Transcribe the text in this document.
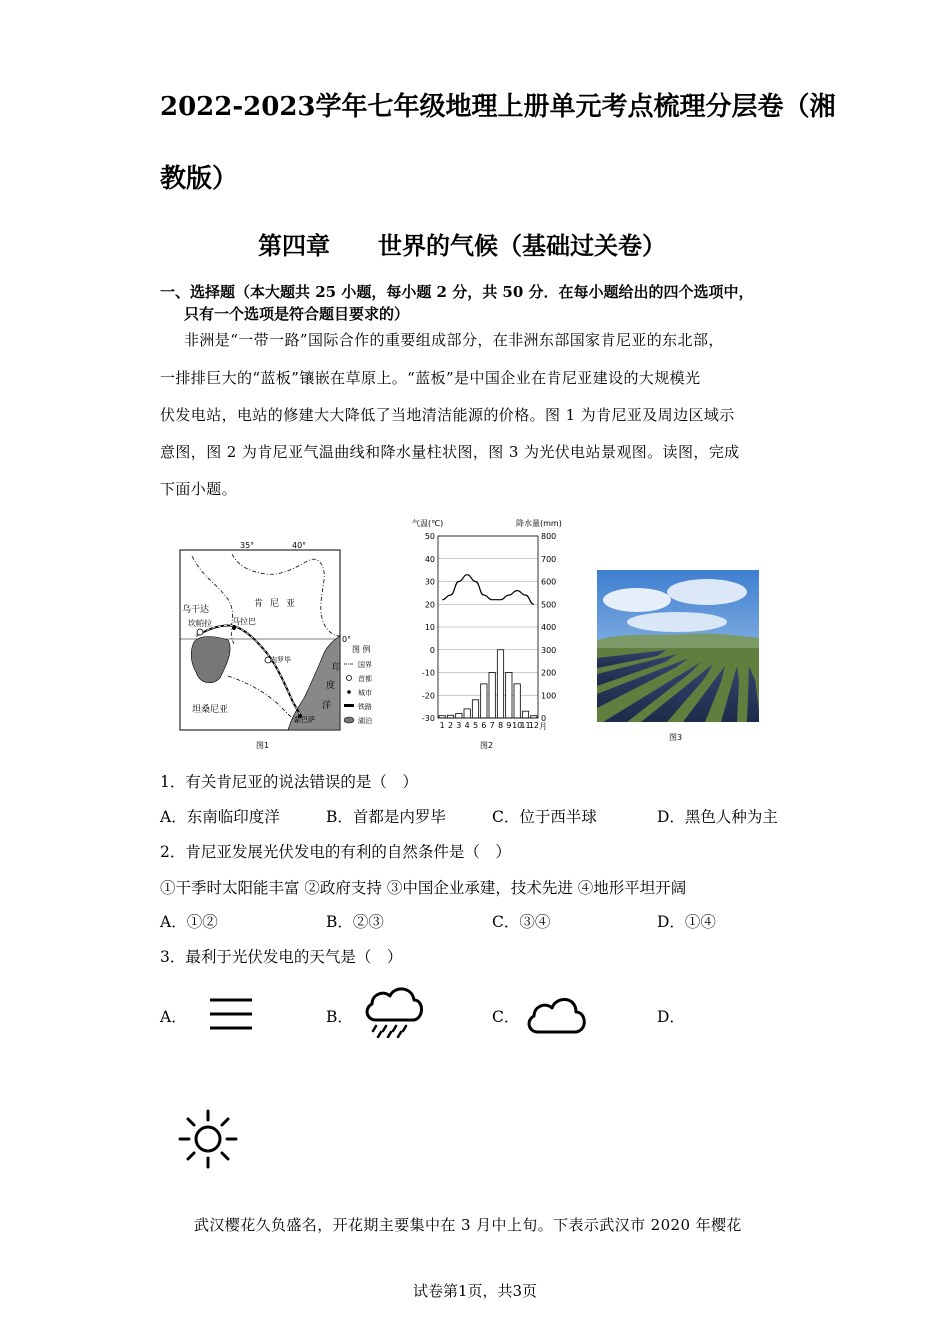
2022-2023学年七年级地理上册单元考点梳理分层卷（湘
教版）
第四章　　世界的气候（基础过关卷）
一、选择题（本大题共 25 小题，每小题 2 分，共 50 分．在每小题给出的四个选项中，
只有一个选项是符合题目要求的）
非洲是“一带一路”国际合作的重要组成部分，在非洲东部国家肯尼亚的东北部，
一排排巨大的“蓝板”镶嵌在草原上。“蓝板”是中国企业在肯尼亚建设的大规模光
伏发电站，电站的修建大大降低了当地清洁能源的价格。图 1 为肯尼亚及周边区域示
意图，图 2 为肯尼亚气温曲线和降水量柱状图，图 3 为光伏电站景观图。读图，完成
下面小题。
35°	40°
0°
乌干达
坎帕拉	马拉巴
肯 尼 亚
内罗毕
坦桑尼亚
印
度
洋
蒙巴萨
图 例
国界
首都
城市
铁路
湖泊
图1
气温(℃)	降水量(mm)
50
40
30
20
10
0
-10
-20
-30
800
700
600
500
400
300
200
100
0
1 2 3 4 5 6 7 8 9 10
11
12 月
图2
图3
1．有关肯尼亚的说法错误的是（　）
A．东南临印度洋	B．首都是内罗毕	C．位于西半球	D．黑色人种为主
2．肯尼亚发展光伏发电的有利的自然条件是（　）
①干季时太阳能丰富 ②政府支持 ③中国企业承建，技术先进 ④地形平坦开阔
A．①②	B．②③	C．③④	D．①④
3．最利于光伏发电的天气是（　）
A．	B．	C．	D．
武汉樱花久负盛名，开花期主要集中在 3 月中上旬。下表示武汉市 2020 年樱花
试卷第1页，共3页
